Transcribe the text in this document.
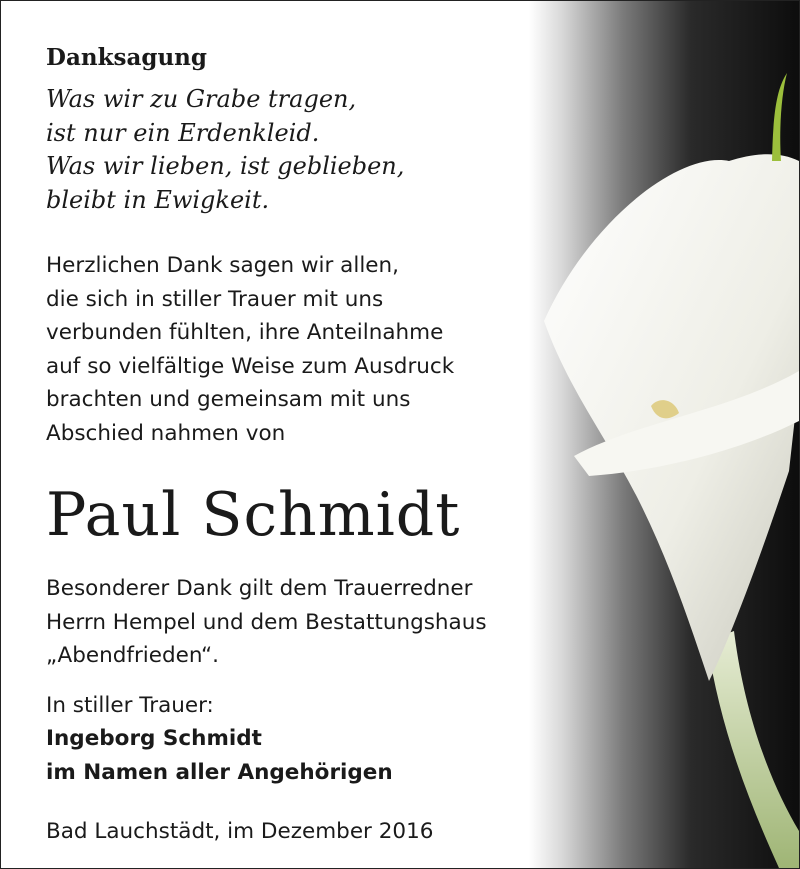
Danksagung
Was wir zu Grabe tragen,
ist nur ein Erdenkleid.
Was wir lieben, ist geblieben,
bleibt in Ewigkeit.
Herzlichen Dank sagen wir allen,
die sich in stiller Trauer mit uns
verbunden fühlten, ihre Anteilnahme
auf so vielfältige Weise zum Ausdruck
brachten und gemeinsam mit uns
Abschied nahmen von
Paul Schmidt
Besonderer Dank gilt dem Trauerredner
Herrn Hempel und dem Bestattungshaus
„Abendfrieden“.
In stiller Trauer:
Ingeborg Schmidt
im Namen aller Angehörigen
Bad Lauchstädt, im Dezember 2016
